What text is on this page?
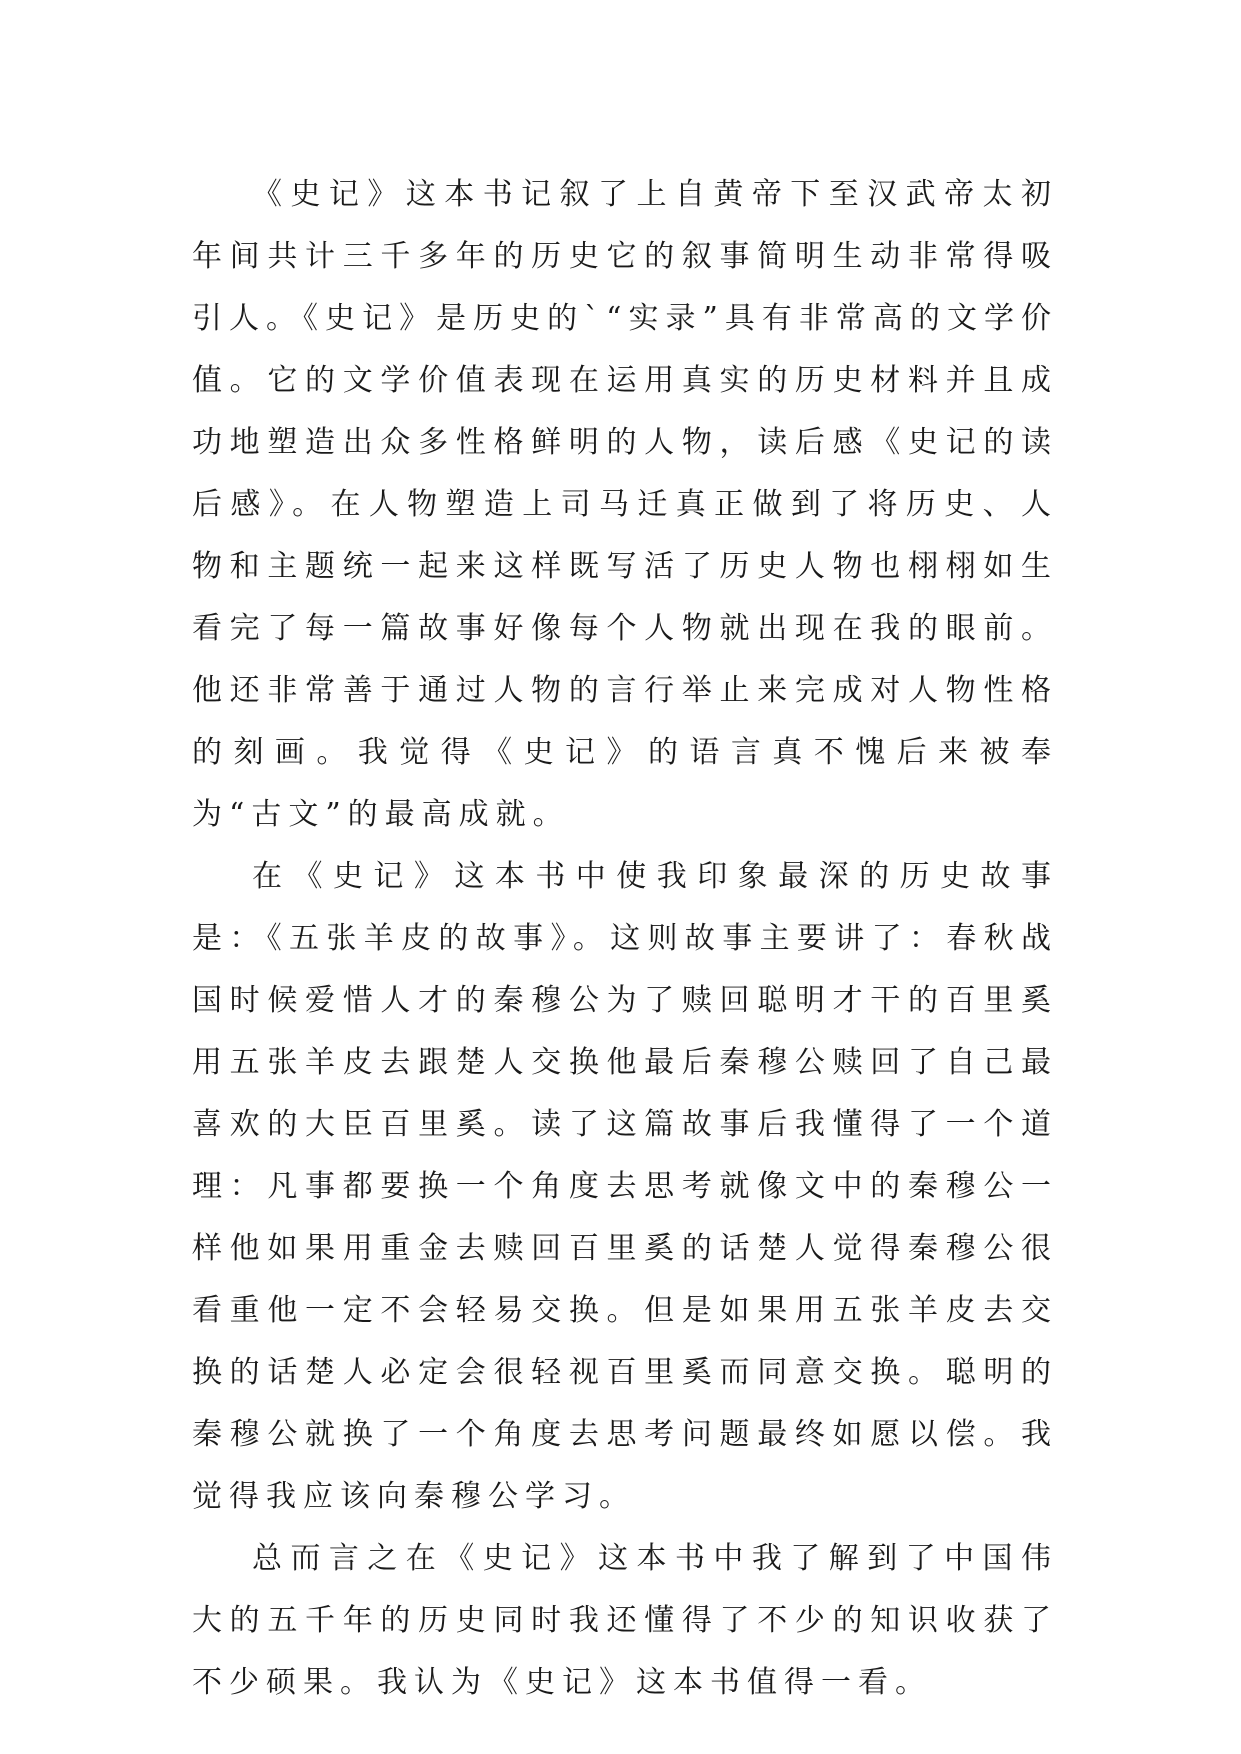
《史记》这本书记叙了上自黄帝下至汉武帝太初年间共计三千多年的历史它的叙事简明生动非常得吸引人。《史记》是历史的`“实录”具有非常高的文学价值。它的文学价值表现在运用真实的历史材料并且成功地塑造出众多性格鲜明的人物，读后感《史记的读后感》。在人物塑造上司马迁真正做到了将历史、人物和主题统一起来这样既写活了历史人物也栩栩如生看完了每一篇故事好像每个人物就出现在我的眼前。他还非常善于通过人物的言行举止来完成对人物性格的刻画。我觉得《史记》的语言真不愧后来被奉为“古文”的最高成就。

在《史记》这本书中使我印象最深的历史故事是：《五张羊皮的故事》。这则故事主要讲了：春秋战国时候爱惜人才的秦穆公为了赎回聪明才干的百里奚用五张羊皮去跟楚人交换他最后秦穆公赎回了自己最喜欢的大臣百里奚。读了这篇故事后我懂得了一个道理：凡事都要换一个角度去思考就像文中的秦穆公一样他如果用重金去赎回百里奚的话楚人觉得秦穆公很看重他一定不会轻易交换。但是如果用五张羊皮去交换的话楚人必定会很轻视百里奚而同意交换。聪明的秦穆公就换了一个角度去思考问题最终如愿以偿。我觉得我应该向秦穆公学习。

总而言之在《史记》这本书中我了解到了中国伟大的五千年的历史同时我还懂得了不少的知识收获了不少硕果。我认为《史记》这本书值得一看。
